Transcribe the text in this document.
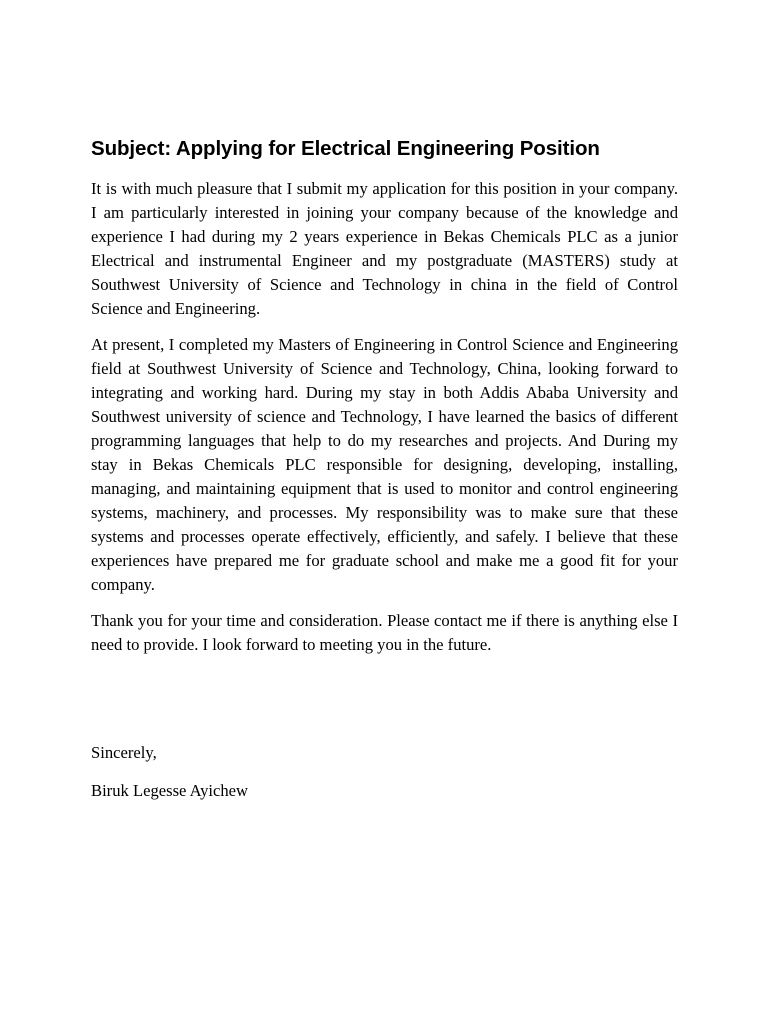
Subject: Applying for Electrical Engineering Position

It is with much pleasure that I submit my application for this position in your company. I am particularly interested in joining your company because of the knowledge and experience I had during my 2 years experience in Bekas Chemicals PLC as a junior Electrical and instrumental Engineer and my postgraduate (MASTERS) study at Southwest University of Science and Technology in china in the field of Control Science and Engineering.

At present, I completed my Masters of Engineering in Control Science and Engineering field at Southwest University of Science and Technology, China, looking forward to integrating and working hard. During my stay in both Addis Ababa University and Southwest university of science and Technology, I have learned the basics of different programming languages that help to do my researches and projects. And During my stay in Bekas Chemicals PLC responsible for designing, developing, installing, managing, and maintaining equipment that is used to monitor and control engineering systems, machinery, and processes. My responsibility was to make sure that these systems and processes operate effectively, efficiently, and safely. I believe that these experiences have prepared me for graduate school and make me a good fit for your company.

Thank you for your time and consideration. Please contact me if there is anything else I need to provide. I look forward to meeting you in the future.

Sincerely,
Biruk Legesse Ayichew
